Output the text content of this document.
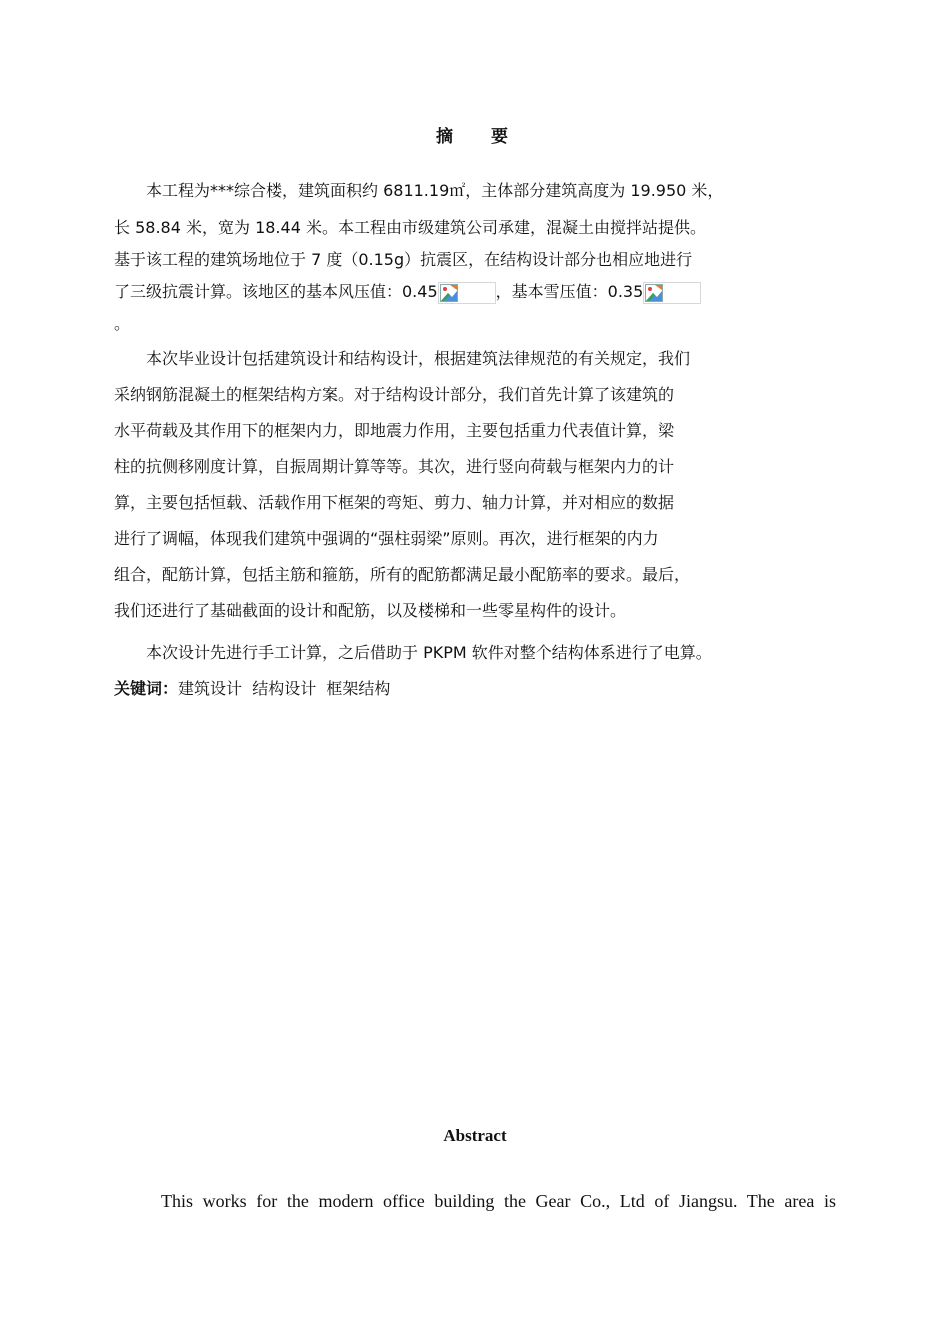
摘 要
本工程为***综合楼，建筑面积约 6811.19㎡，主体部分建筑高度为 19.950 米，
长 58.84 米，宽为 18.44 米。本工程由市级建筑公司承建，混凝土由搅拌站提供。
基于该工程的建筑场地位于 7 度（0.15g）抗震区，在结构设计部分也相应地进行
了三级抗震计算。该地区的基本风压值：0.45	，基本雪压值：0.35
。
本次毕业设计包括建筑设计和结构设计，根据建筑法律规范的有关规定，我们
采纳钢筋混凝土的框架结构方案。对于结构设计部分，我们首先计算了该建筑的
水平荷载及其作用下的框架内力，即地震力作用，主要包括重力代表值计算，梁
柱的抗侧移刚度计算，自振周期计算等等。其次，进行竖向荷载与框架内力的计
算，主要包括恒载、活载作用下框架的弯矩、剪力、轴力计算，并对相应的数据
进行了调幅，体现我们建筑中强调的“强柱弱梁”原则。再次，进行框架的内力
组合，配筋计算，包括主筋和箍筋，所有的配筋都满足最小配筋率的要求。最后，
我们还进行了基础截面的设计和配筋，以及楼梯和一些零星构件的设计。
本次设计先进行手工计算，之后借助于 PKPM 软件对整个结构体系进行了电算。
关键词：建筑设计  结构设计  框架结构
Abstract
This works for the modern office building the Gear Co., Ltd of Jiangsu. The area is
